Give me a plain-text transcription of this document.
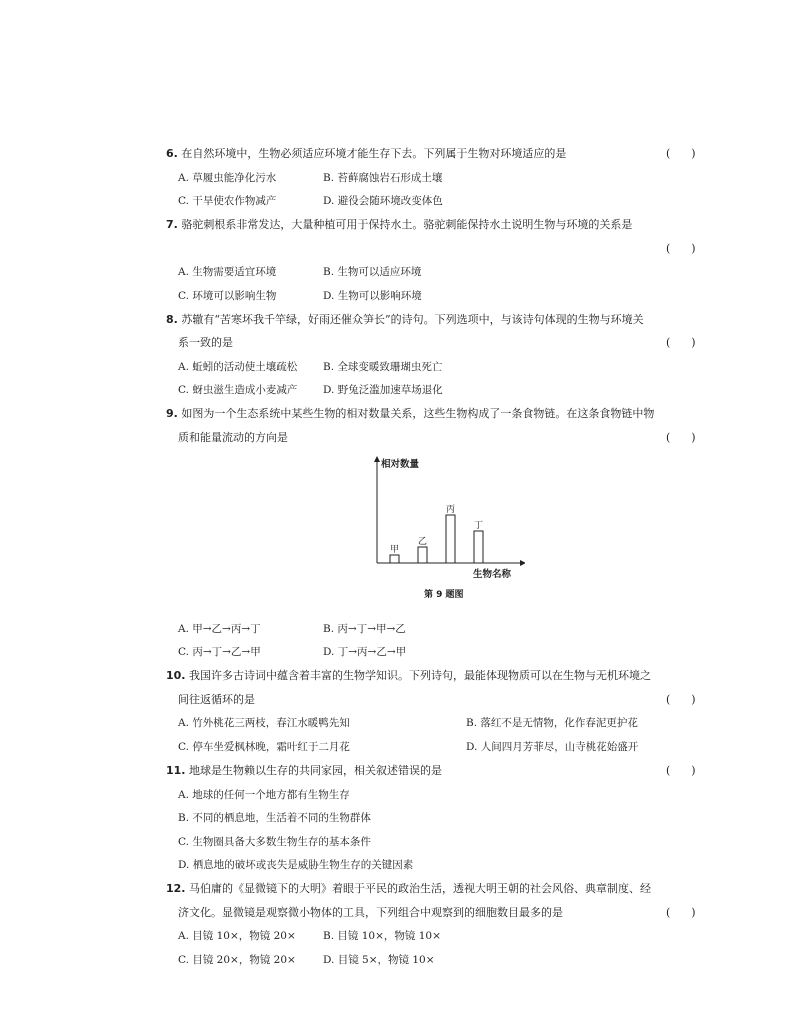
6. 在自然环境中，生物必须适应环境才能生存下去。下列属于生物对环境适应的是	(      )
A. 草履虫能净化污水	B. 苔藓腐蚀岩石形成土壤
C. 干旱使农作物减产	D. 避役会随环境改变体色
7. 骆驼刺根系非常发达，大量种植可用于保持水土。骆驼刺能保持水土说明生物与环境的关系是
(      )
A. 生物需要适宜环境	B. 生物可以适应环境
C. 环境可以影响生物	D. 生物可以影响环境
8. 苏辙有“苦寒坏我千竿绿，好雨还催众笋长”的诗句。下列选项中，与该诗句体现的生物与环境关
系一致的是	(      )
A. 蚯蚓的活动使土壤疏松 B. 全球变暖致珊瑚虫死亡
C. 蚜虫滋生造成小麦减产 D. 野兔泛滥加速草场退化
9. 如图为一个生态系统中某些生物的相对数量关系，这些生物构成了一条食物链。在这条食物链中物
质和能量流动的方向是	(      )
相对数量
生物名称
甲
乙
丙
丁
第 9 题图
A. 甲→乙→丙→丁	B. 丙→丁→甲→乙
C. 丙→丁→乙→甲	D. 丁→丙→乙→甲
10. 我国许多古诗词中蕴含着丰富的生物学知识。下列诗句，最能体现物质可以在生物与无机环境之
间往返循环的是	(      )
A. 竹外桃花三两枝，春江水暖鸭先知	B. 落红不是无情物，化作春泥更护花
C. 停车坐爱枫林晚，霜叶红于二月花	D. 人间四月芳菲尽，山寺桃花始盛开
11. 地球是生物赖以生存的共同家园，相关叙述错误的是	(      )
A. 地球的任何一个地方都有生物生存
B. 不同的栖息地，生活着不同的生物群体
C. 生物圈具备大多数生物生存的基本条件
D. 栖息地的破坏或丧失是威胁生物生存的关键因素
12. 马伯庸的《显微镜下的大明》着眼于平民的政治生活，透视大明王朝的社会风俗、典章制度、经
济文化。显微镜是观察微小物体的工具，下列组合中观察到的细胞数目最多的是	(      )
A. 目镜 10×，物镜 20×	B. 目镜 10×，物镜 10×
C. 目镜 20×，物镜 20×	D. 目镜 5×，物镜 10×
